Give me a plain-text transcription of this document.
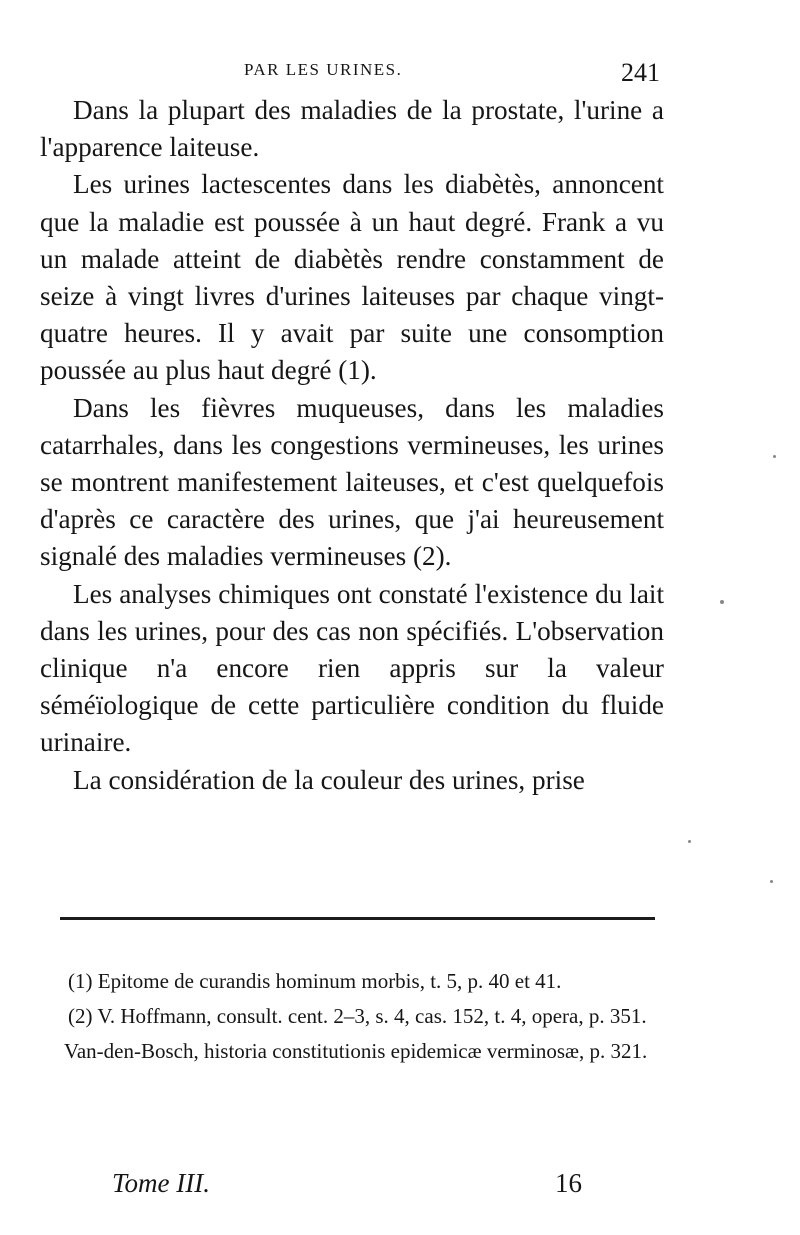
PAR LES URINES.	241

Dans la plupart des maladies de la prostate, l'urine a l'apparence laiteuse.

Les urines lactescentes dans les diabètès, annoncent que la maladie est poussée à un haut degré. Frank a vu un malade atteint de diabètès rendre constamment de seize à vingt livres d'urines laiteuses par chaque vingt-quatre heures. Il y avait par suite une consomption poussée au plus haut degré (1).

Dans les fièvres muqueuses, dans les maladies catarrhales, dans les congestions vermineuses, les urines se montrent manifestement laiteuses, et c'est quelquefois d'après ce caractère des urines, que j'ai heureusement signalé des maladies vermineuses (2).

Les analyses chimiques ont constaté l'existence du lait dans les urines, pour des cas non spécifiés. L'observation clinique n'a encore rien appris sur la valeur séméïologique de cette particulière condition du fluide urinaire.

La considération de la couleur des urines, prise

(1) Epitome de curandis hominum morbis, t. 5, p. 40 et 41.

(2) V. Hoffmann, consult. cent. 2–3, s. 4, cas. 152, t. 4, opera, p. 351.

Van-den-Bosch, historia constitutionis epidemicæ verminosæ, p. 321.

Tome III.	16
